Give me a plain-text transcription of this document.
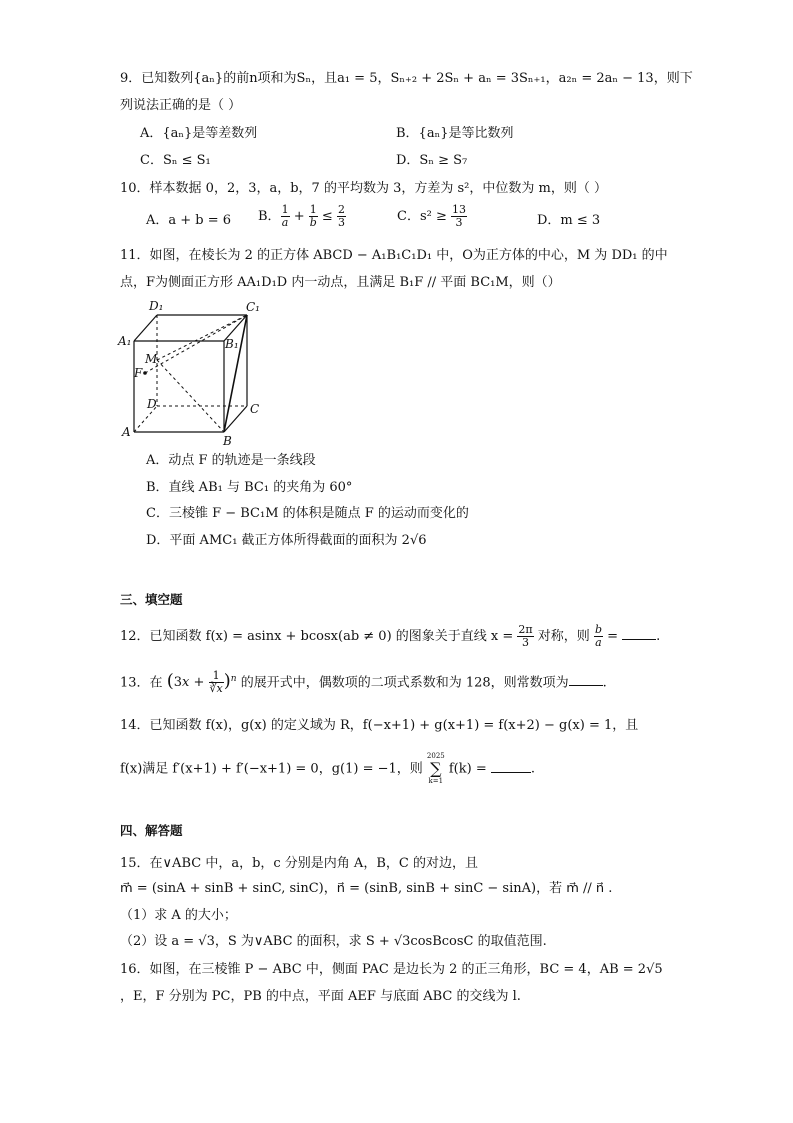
9．已知数列{aₙ}的前n项和为Sₙ，且a₁ = 5，Sₙ₊₂ + 2Sₙ + aₙ = 3Sₙ₊₁，a₂ₙ = 2aₙ − 13，则下
列说法正确的是（ ）
A．{aₙ}是等差数列	B．{aₙ}是等比数列
C．Sₙ ≤ S₁	D．Sₙ ≥ S₇
10．样本数据 0，2，3，a，b，7 的平均数为 3，方差为 s²，中位数为 m，则（ ）
A．a + b = 6 B． $\frac{1}{a} + \frac{1}{b} \le \frac{2}{3}$	C．$s^2 \ge \frac{13}{3}$	D．m ≤ 3
11．如图，在棱长为 2 的正方体 ABCD − A₁B₁C₁D₁ 中，O为正方体的中心，M 为 DD₁ 的中
点，F为侧面正方形 AA₁D₁D 内一动点，且满足 B₁F // 平面 BC₁M，则（）
D₁	C₁
A₁	B₁
M
F
D	C
A
B
A．动点 F 的轨迹是一条线段
B．直线 AB₁ 与 BC₁ 的夹角为 60°
C．三棱锥 F − BC₁M 的体积是随点 F 的运动而变化的
D．平面 AMC₁ 截正方体所得截面的面积为 2√6
三、填空题
12．已知函数 f(x) = asinx + bcosx(ab ≠ 0) 的图象关于直线 $x = \frac{2\pi}{3}$ 对称，则 $\frac{b}{a}$ =	.
13．在 $(3x + \frac{1}{∛x} )^n$ 的展开式中，偶数项的二项式系数和为 128，则常数项为	.
14．已知函数 f(x)，g(x) 的定义域为 R，f(−x+1) + g(x+1) = f(x+2) − g(x) = 1，且
f(x)满足 f′(x+1) + f′(−x+1) = 0，g(1) = −1，则
2025
∑
k=1
f(k) =	.
四、解答题
15．在∨ABC 中，a，b，c 分别是内角 A，B，C 的对边，且
m⃗ = (sinA + sinB + sinC, sinC)，n⃗ = (sinB, sinB + sinC − sinA)，若 m⃗ // n⃗ .
（1）求 A 的大小；
（2）设 a = √3，S 为∨ABC 的面积，求 S + √3cosBcosC 的取值范围.
16．如图，在三棱锥 P − ABC 中，侧面 PAC 是边长为 2 的正三角形，BC = 4，AB = 2√5
，E，F 分别为 PC，PB 的中点，平面 AEF 与底面 ABC 的交线为 l.
